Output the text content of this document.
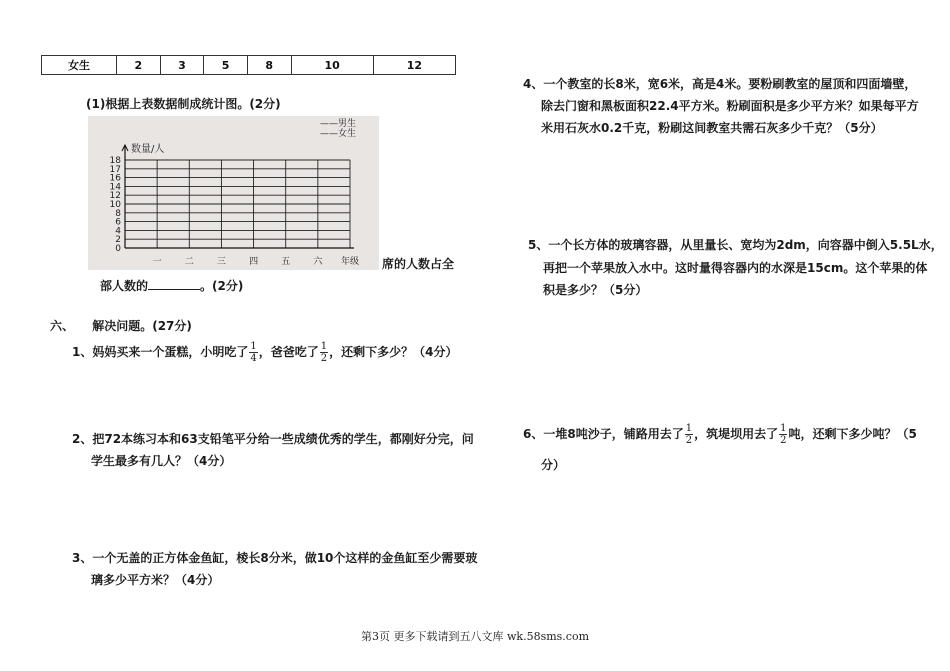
女生	2	3	5	8	10	12
(1)根据上表数据制成统计图。(2分)
0
2
4
6
8
10
12
14
16
17
18
数量/人
一	二	三	四	五	六 年级
——男生
——女生
席的人数占全
部人数的	。(2分)
六、 解决问题。(27分)
1、妈妈买来一个蛋糕，小明吃了 $\frac{1}{4}$ ，爸爸吃了 $\frac{1}{2}$ ，还剩下多少？（4分）
2、把72本练习本和63支铅笔平分给一些成绩优秀的学生，都刚好分完，问
学生最多有几人？（4分）
3、一个无盖的正方体金鱼缸，棱长8分米，做10个这样的金鱼缸至少需要玻
璃多少平方米？（4分）
4、一个教室的长8米，宽6米，高是4米。要粉刷教室的屋顶和四面墙壁，
除去门窗和黑板面积22.4平方米。粉刷面积是多少平方米？如果每平方
米用石灰水0.2千克，粉刷这间教室共需石灰多少千克？（5分）
5、一个长方体的玻璃容器，从里量长、宽均为2dm，向容器中倒入5.5L水，
再把一个苹果放入水中。这时量得容器内的水深是15cm。这个苹果的体
积是多少？（5分）
6、一堆8吨沙子，铺路用去了 $\frac{1}{2}$ ，筑堤坝用去了 $\frac{1}{2}$ 吨，还剩下多少吨？（5
分）
第3页 更多下载请到五八文库 wk.58sms.com
